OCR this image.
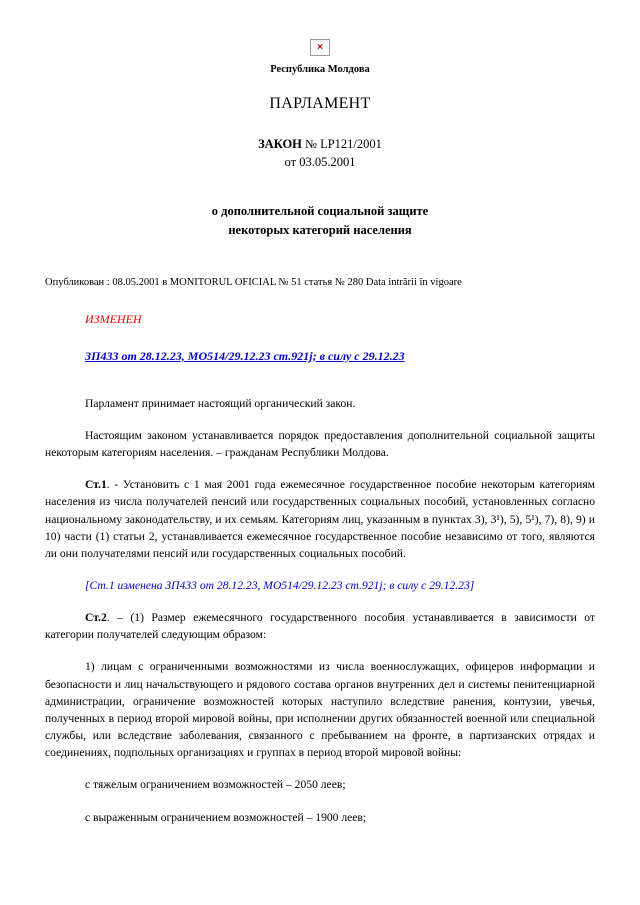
×
Республика Молдова
ПАРЛАМЕНТ
ЗАКОН № LP121/2001
от 03.05.2001
о дополнительной социальной защите
некоторых категорий населения
Опубликован : 08.05.2001 в MONITORUL OFICIAL № 51 статья № 280 Data intrării în vigoare
ИЗМЕНЕН
ЗП433 от 28.12.23, МО514/29.12.23 ст.921j; в силу с 29.12.23

Парламент принимает настоящий органический закон.

Настоящим законом устанавливается порядок предоставления дополнительной социальной защиты некоторым категориям населения. – гражданам Республики Молдова.

Ст.1. - Установить с 1 мая 2001 года ежемесячное государственное пособие некоторым категориям населения из числа получателей пенсий или государственных социальных пособий, установленных согласно национальному законодательству, и их семьям. Категориям лиц, указанным в пунктах 3), 3¹), 5), 5¹), 7), 8), 9) и 10) части (1) статьи 2, устанавливается ежемесячное государственное пособие независимо от того, являются ли они получателями пенсий или государственных социальных пособий.

[Ст.1 изменена ЗП433 от 28.12.23, МО514/29.12.23 ст.921j; в силу с 29.12.23]

Ст.2. – (1) Размер ежемесячного государственного пособия устанавливается в зависимости от категории получателей следующим образом:

1) лицам с ограниченными возможностями из числа военнослужащих, офицеров информации и безопасности и лиц начальствующего и рядового состава органов внутренних дел и системы пенитенциарной администрации, ограничение возможностей которых наступило вследствие ранения, контузии, увечья, полученных в период второй мировой войны, при исполнении других обязанностей военной или специальной службы, или вследствие заболевания, связанного с пребыванием на фронте, в партизанских отрядах и соединениях, подпольных организациях и группах в период второй мировой войны:

с тяжелым ограничением возможностей – 2050 леев;

с выраженным ограничением возможностей – 1900 леев;
